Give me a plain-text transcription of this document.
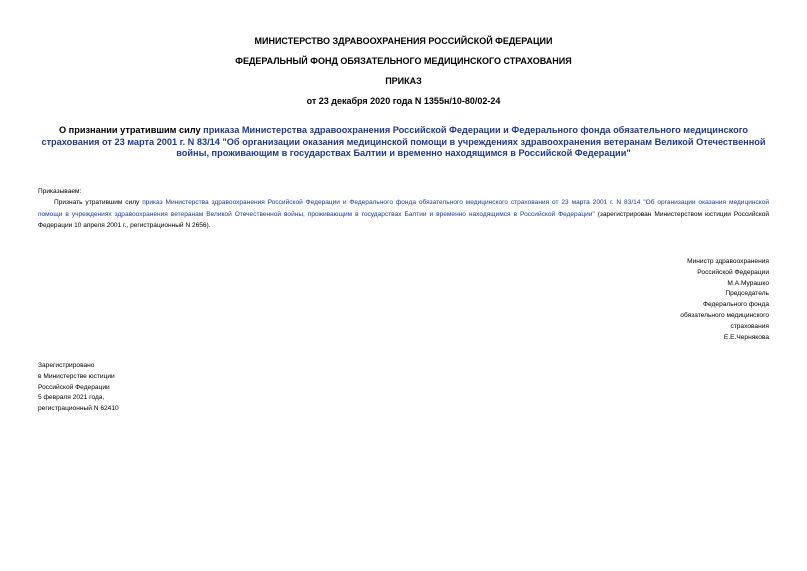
МИНИСТЕРСТВО ЗДРАВООХРАНЕНИЯ РОССИЙСКОЙ ФЕДЕРАЦИИ
ФЕДЕРАЛЬНЫЙ ФОНД ОБЯЗАТЕЛЬНОГО МЕДИЦИНСКОГО СТРАХОВАНИЯ
ПРИКАЗ
от 23 декабря 2020 года N 1355н/10-80/02-24
О признании утратившим силу приказа Министерства здравоохранения Российской Федерации и Федерального фонда обязательного медицинского страхования от 23 марта 2001 г. N 83/14 "Об организации оказания медицинской помощи в учреждениях здравоохранения ветеранам Великой Отечественной войны, проживающим в государствах Балтии и временно находящимся в Российской Федерации"

Приказываем:

Признать утратившим силу приказ Министерства здравоохранения Российской Федерации и Федерального фонда обязательного медицинского страхования от 23 марта 2001 г. N 83/14 "Об организации оказания медицинской помощи в учреждениях здравоохранения ветеранам Великой Отечественной войны, проживающим в государствах Балтии и временно находящимся в Российской Федерации" (зарегистрирован Министерством юстиции Российской Федерации 10 апреля 2001 г., регистрационный N 2656).

Министр здравоохранения
Российской Федерации
М.А.Мурашко
Председатель
Федерального фонда
обязательного медицинского
страхования
Е.Е.Чернякова
Зарегистрировано
в Министерстве юстиции
Российской Федерации
5 февраля 2021 года,
регистрационный N 62410
